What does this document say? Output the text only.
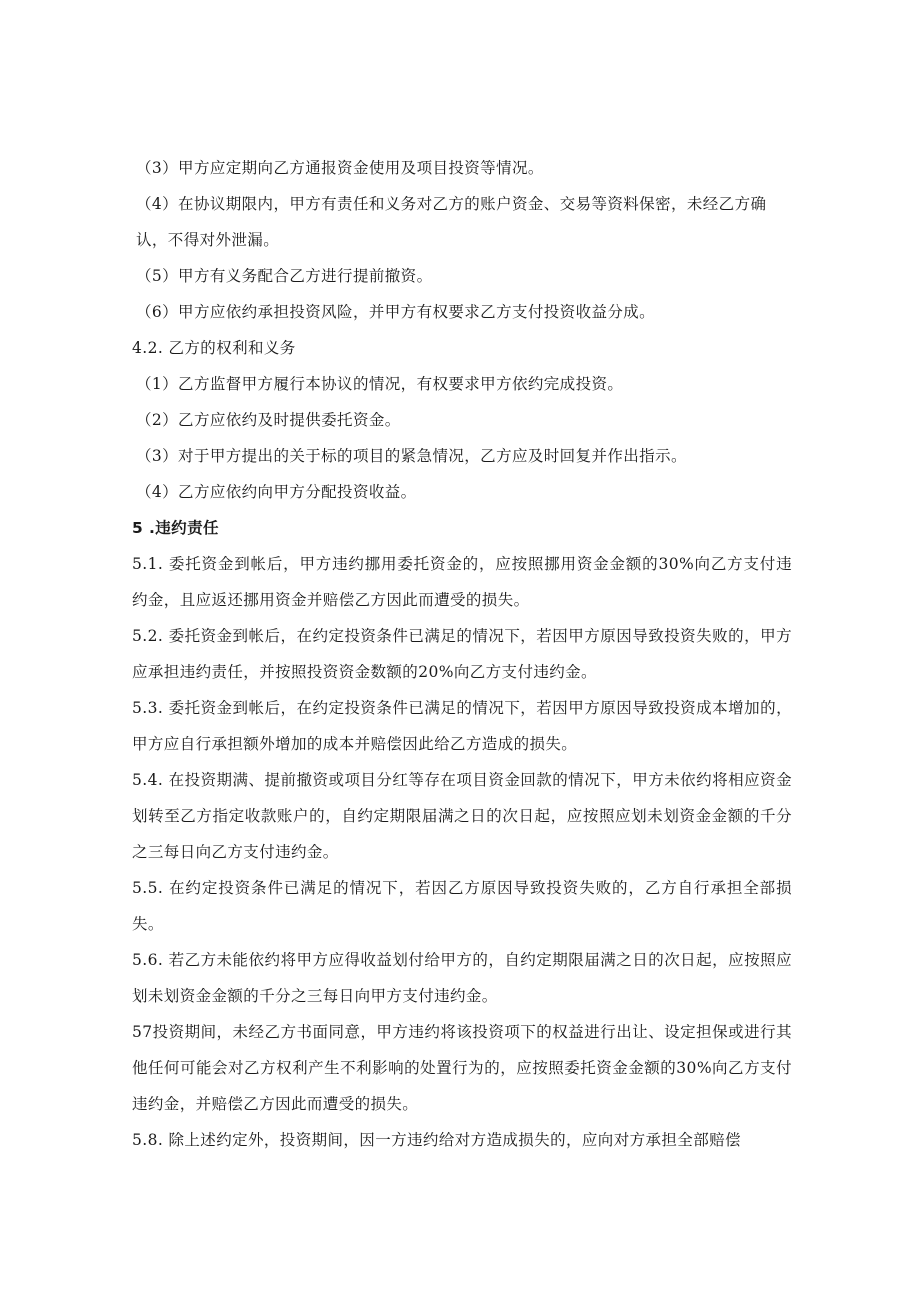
（3）甲方应定期向乙方通报资金使用及项目投资等情况。

（4）在协议期限内，甲方有责任和义务对乙方的账户资金、交易等资料保密，未经乙方确认，不得对外泄漏。

（5）甲方有义务配合乙方进行提前撤资。

（6）甲方应依约承担投资风险，并甲方有权要求乙方支付投资收益分成。

4.2. 乙方的权利和义务

（1）乙方监督甲方履行本协议的情况，有权要求甲方依约完成投资。

（2）乙方应依约及时提供委托资金。

（3）对于甲方提出的关于标的项目的紧急情况，乙方应及时回复并作出指示。

（4）乙方应依约向甲方分配投资收益。

5 .违约责任

5.1. 委托资金到帐后，甲方违约挪用委托资金的，应按照挪用资金金额的30%向乙方支付违约金，且应返还挪用资金并赔偿乙方因此而遭受的损失。

5.2. 委托资金到帐后，在约定投资条件已满足的情况下，若因甲方原因导致投资失败的，甲方应承担违约责任，并按照投资资金数额的20%向乙方支付违约金。

5.3. 委托资金到帐后，在约定投资条件已满足的情况下，若因甲方原因导致投资成本增加的，甲方应自行承担额外增加的成本并赔偿因此给乙方造成的损失。

5.4. 在投资期满、提前撤资或项目分红等存在项目资金回款的情况下，甲方未依约将相应资金划转至乙方指定收款账户的，自约定期限届满之日的次日起，应按照应划未划资金金额的千分之三每日向乙方支付违约金。

5.5. 在约定投资条件已满足的情况下，若因乙方原因导致投资失败的，乙方自行承担全部损失。

5.6. 若乙方未能依约将甲方应得收益划付给甲方的，自约定期限届满之日的次日起，应按照应划未划资金金额的千分之三每日向甲方支付违约金。

57投资期间，未经乙方书面同意，甲方违约将该投资项下的权益进行出让、设定担保或进行其他任何可能会对乙方权利产生不利影响的处置行为的，应按照委托资金金额的30%向乙方支付违约金，并赔偿乙方因此而遭受的损失。

5.8. 除上述约定外，投资期间，因一方违约给对方造成损失的，应向对方承担全部赔偿
